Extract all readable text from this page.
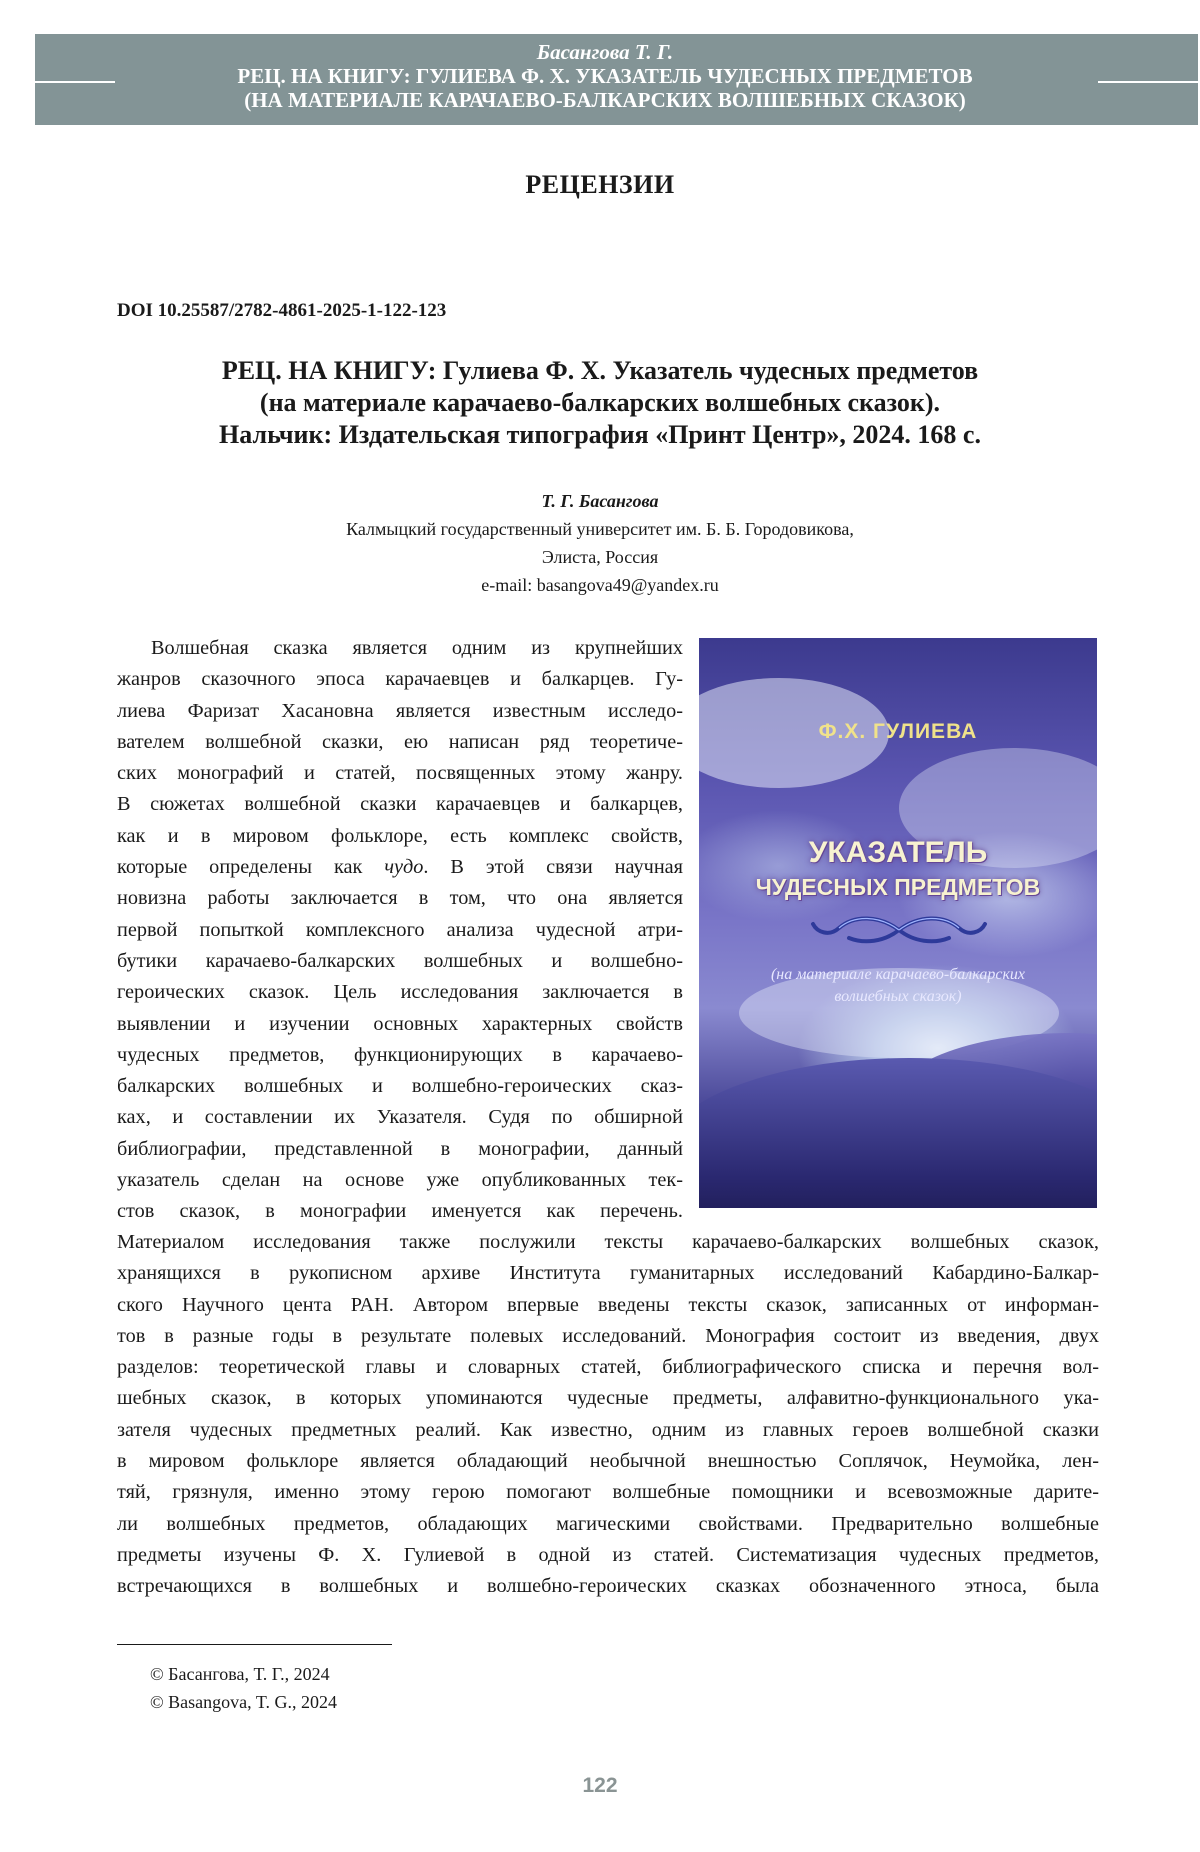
Басангова Т. Г.
РЕЦ. НА КНИГУ: ГУЛИЕВА Ф. Х. УКАЗАТЕЛЬ ЧУДЕСНЫХ ПРЕДМЕТОВ
(НА МАТЕРИАЛЕ КАРАЧАЕВО-БАЛКАРСКИХ ВОЛШЕБНЫХ СКАЗОК)
РЕЦЕНЗИИ
DOI 10.25587/2782-4861-2025-1-122-123
РЕЦ. НА КНИГУ: Гулиева Ф. Х. Указатель чудесных предметов
(на материале карачаево-балкарских волшебных сказок).
Нальчик: Издательская типография «Принт Центр», 2024. 168 с.
Т. Г. Басангова
Калмыцкий государственный университет им. Б. Б. Городовикова,
Элиста, Россия
e-mail: basangova49@yandex.ru
Волшебная сказка является одним из крупнейших
жанров сказочного эпоса карачаевцев и балкарцев. Гу-
лиева Фаризат Хасановна является известным исследо-
вателем волшебной сказки, ею написан ряд теоретиче-
ских монографий и статей, посвященных этому жанру.
В сюжетах волшебной сказки карачаевцев и балкарцев,
как и в мировом фольклоре, есть комплекс свойств,
которые определены как чудо. В этой связи научная
новизна работы заключается в том, что она является
первой попыткой комплексного анализа чудесной атри-
бутики карачаево-балкарских волшебных и волшебно-
героических сказок. Цель исследования заключается в
выявлении и изучении основных характерных свойств
чудесных предметов, функционирующих в карачаево-
балкарских волшебных и волшебно-героических сказ-
ках, и составлении их Указателя. Судя по обширной
библиографии, представленной в монографии, данный
указатель сделан на основе уже опубликованных тек-
стов сказок, в монографии именуется как перечень.
Ф.Х. ГУЛИЕВА
УКАЗАТЕЛЬ
ЧУДЕСНЫХ ПРЕДМЕТОВ
(на материале карачаево-балкарских
волшебных сказок)
Материалом исследования также послужили тексты карачаево-балкарских волшебных сказок,
хранящихся в рукописном архиве Института гуманитарных исследований Кабардино-Балкар-
ского Научного цента РАН. Автором впервые введены тексты сказок, записанных от информан-
тов в разные годы в результате полевых исследований. Монография состоит из введения, двух
разделов: теоретической главы и словарных статей, библиографического списка и перечня вол-
шебных сказок, в которых упоминаются чудесные предметы, алфавитно-функционального ука-
зателя чудесных предметных реалий. Как известно, одним из главных героев волшебной сказки
в мировом фольклоре является обладающий необычной внешностью Соплячок, Неумойка, лен-
тяй, грязнуля, именно этому герою помогают волшебные помощники и всевозможные дарите-
ли волшебных предметов, обладающих магическими свойствами. Предварительно волшебные
предметы изучены Ф. Х. Гулиевой в одной из статей. Систематизация чудесных предметов,
встречающихся в волшебных и волшебно-героических сказках обозначенного этноса, была
© Басангова, Т. Г., 2024
© Basangova, T. G., 2024
122
